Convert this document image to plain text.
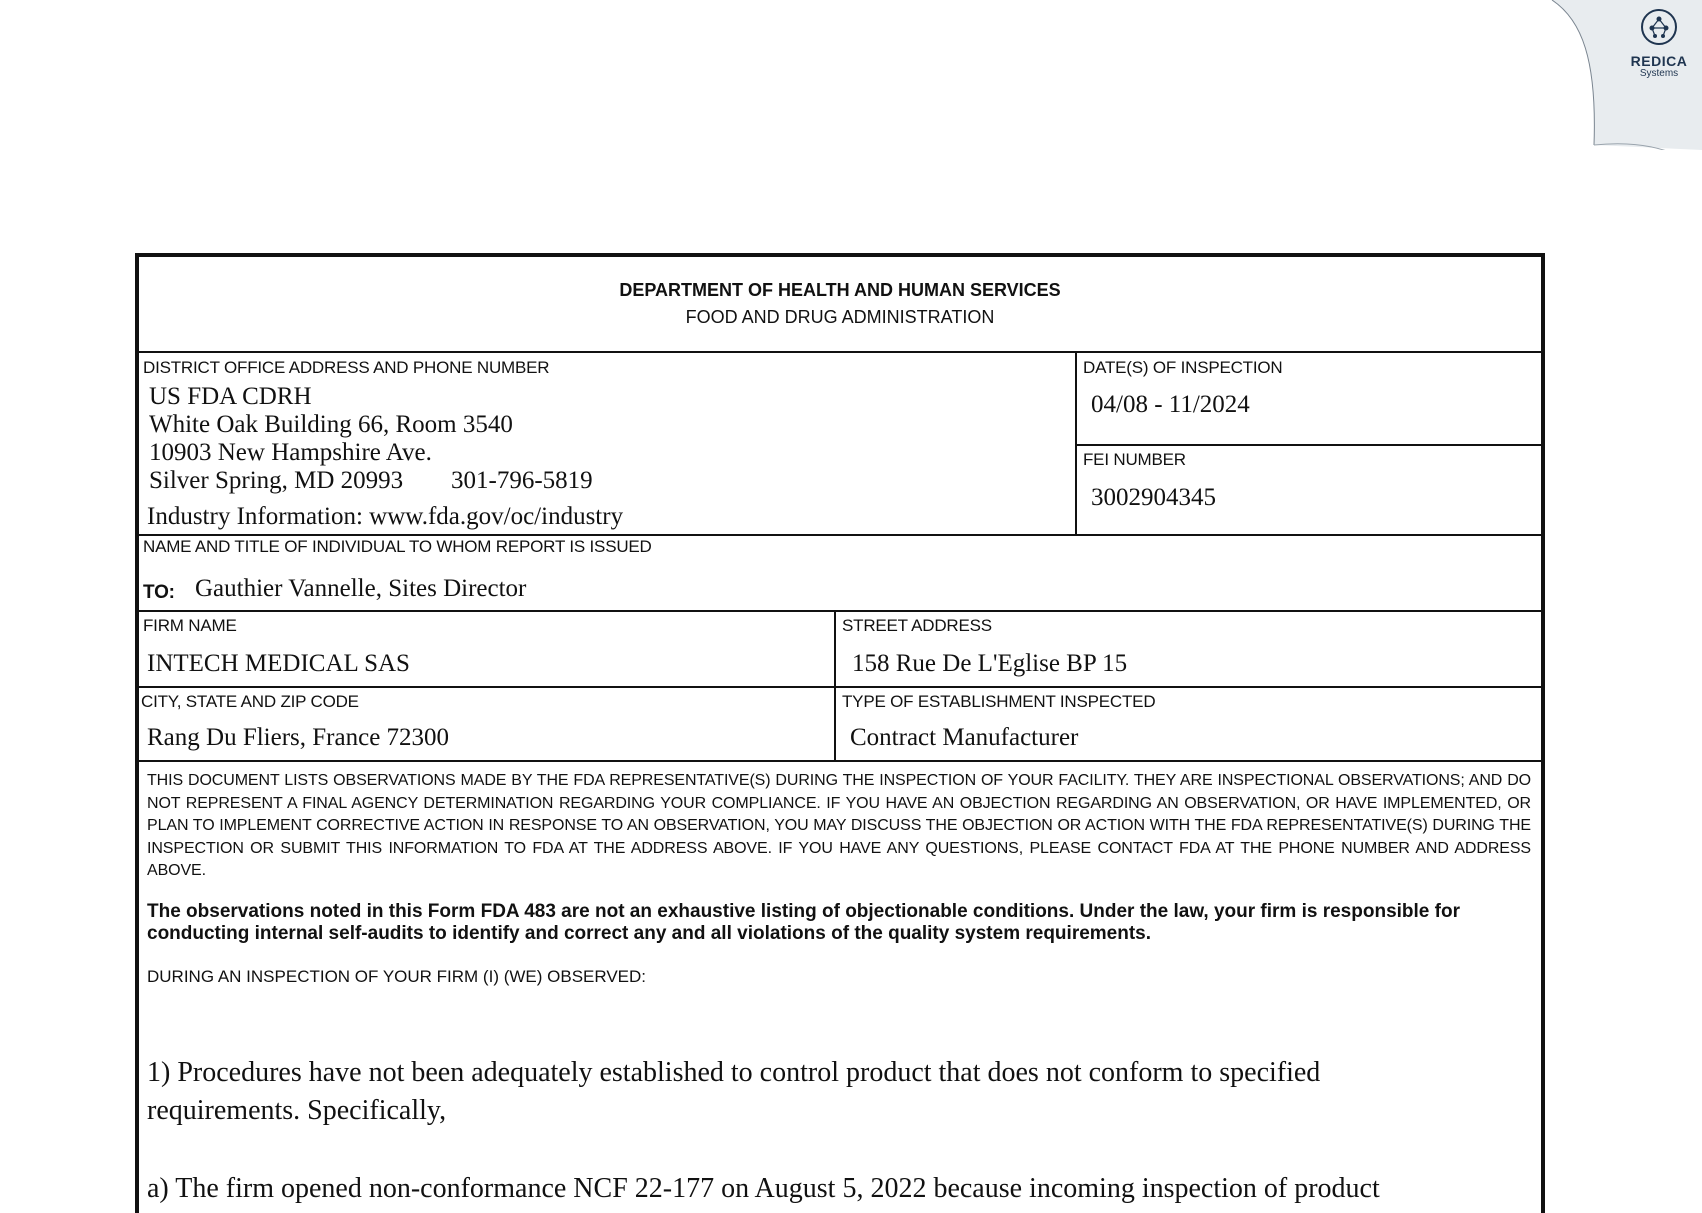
REDICA
Systems
DEPARTMENT OF HEALTH AND HUMAN SERVICES
FOOD AND DRUG ADMINISTRATION
DISTRICT OFFICE ADDRESS AND PHONE NUMBER
US FDA CDRH
White Oak Building 66, Room 3540
10903 New Hampshire Ave.
Silver Spring, MD 20993 301-796-5819
Industry Information: www.fda.gov/oc/industry
DATE(S) OF INSPECTION
04/08 - 11/2024
FEI NUMBER
3002904345
NAME AND TITLE OF INDIVIDUAL TO WHOM REPORT IS ISSUED
TO: Gauthier Vannelle, Sites Director
FIRM NAME
INTECH MEDICAL SAS
STREET ADDRESS
158 Rue De L'Eglise BP 15
CITY, STATE AND ZIP CODE
Rang Du Fliers, France 72300
TYPE OF ESTABLISHMENT INSPECTED
Contract Manufacturer
THIS DOCUMENT LISTS OBSERVATIONS MADE BY THE FDA REPRESENTATIVE(S) DURING THE INSPECTION OF YOUR FACILITY. THEY ARE INSPECTIONAL OBSERVATIONS; AND DO NOT REPRESENT A FINAL AGENCY DETERMINATION REGARDING YOUR COMPLIANCE. IF YOU HAVE AN OBJECTION REGARDING AN OBSERVATION, OR HAVE IMPLEMENTED, OR PLAN TO IMPLEMENT CORRECTIVE ACTION IN RESPONSE TO AN OBSERVATION, YOU MAY DISCUSS THE OBJECTION OR ACTION WITH THE FDA REPRESENTATIVE(S) DURING THE INSPECTION OR SUBMIT THIS INFORMATION TO FDA AT THE ADDRESS ABOVE. IF YOU HAVE ANY QUESTIONS, PLEASE CONTACT FDA AT THE PHONE NUMBER AND ADDRESS ABOVE.
The observations noted in this Form FDA 483 are not an exhaustive listing of objectionable conditions. Under the law, your firm is responsible for conducting internal self-audits to identify and correct any and all violations of the quality system requirements.
DURING AN INSPECTION OF YOUR FIRM (I) (WE) OBSERVED:
1) Procedures have not been adequately established to control product that does not conform to specified requirements. Specifically,
a) The firm opened non-conformance NCF 22-177 on August 5, 2022 because incoming inspection of product
